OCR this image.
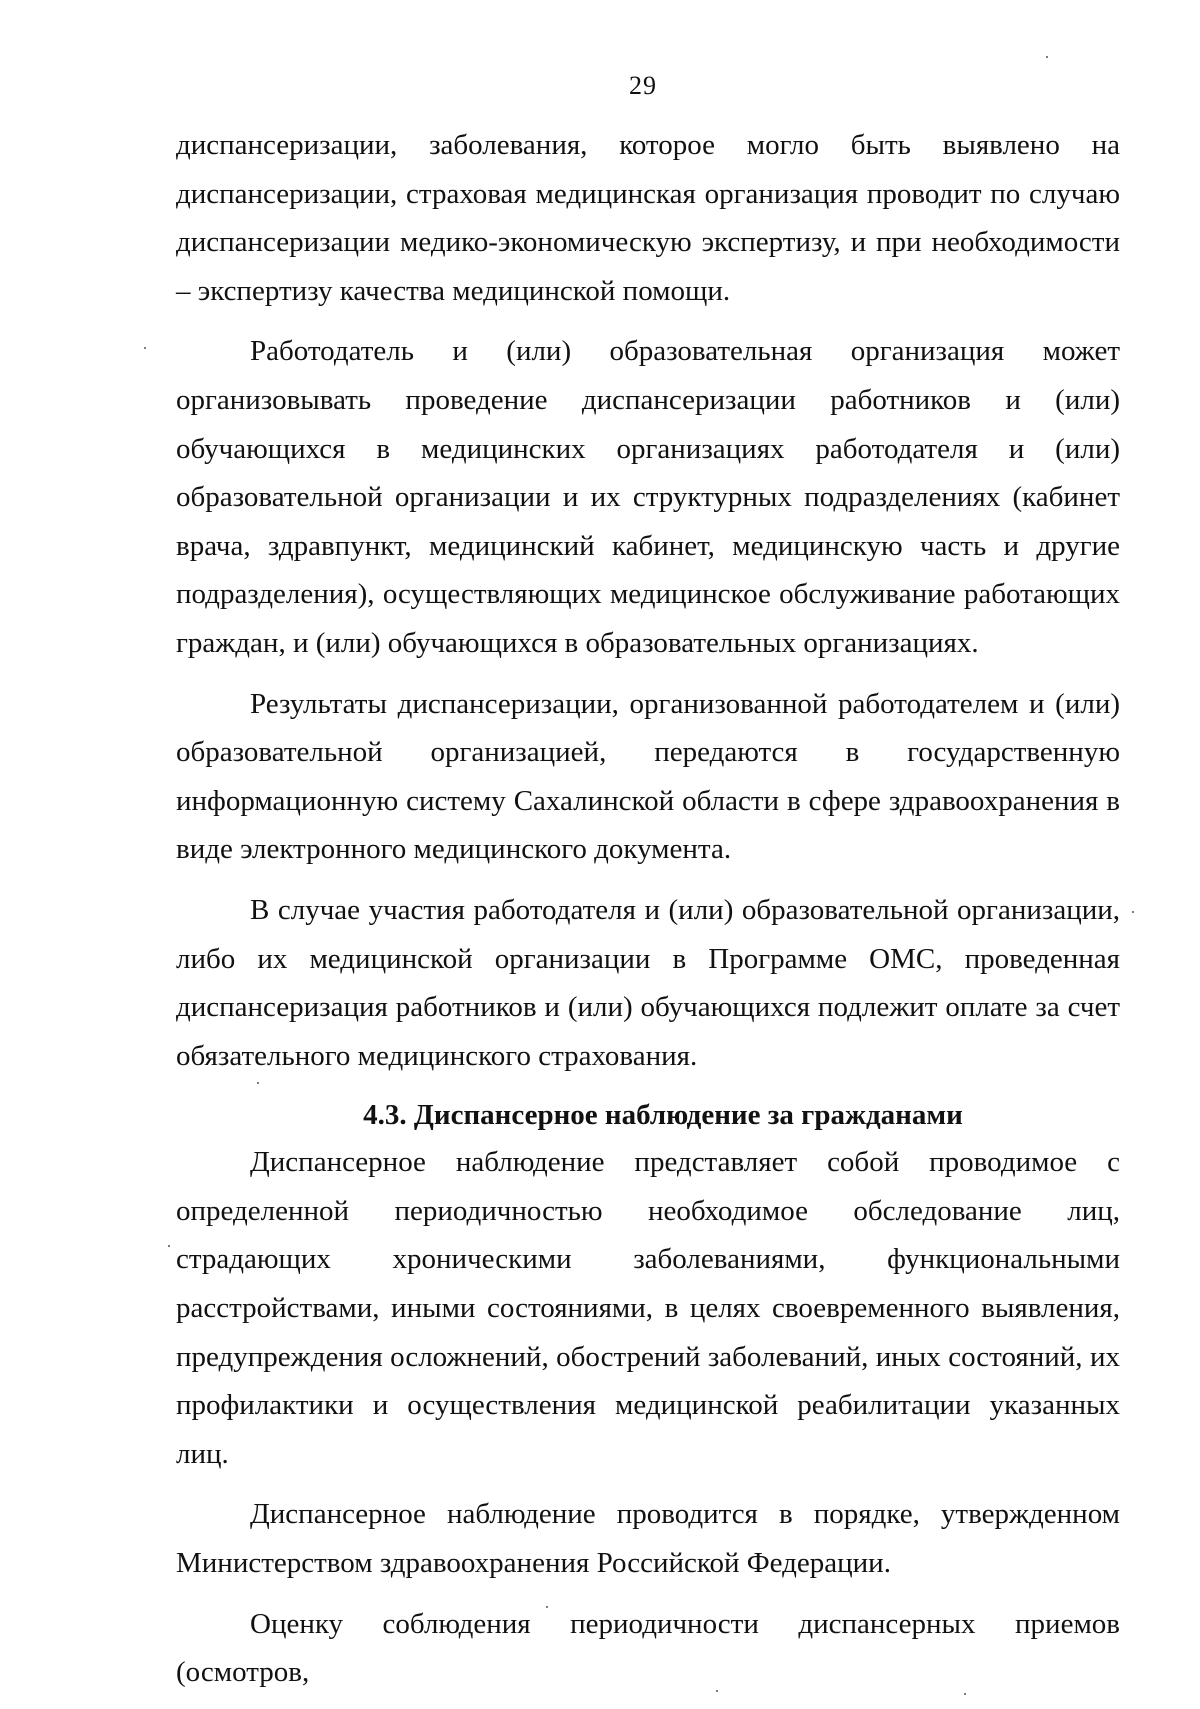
29

диспансеризации, заболевания, которое могло быть выявлено на диспансеризации, страховая медицинская организация проводит по случаю диспансеризации медико-экономическую экспертизу, и при необходимости – экспертизу качества медицинской помощи.

Работодатель и (или) образовательная организация может организовывать проведение диспансеризации работников и (или) обучающихся в медицинских организациях работодателя и (или) образовательной организации и их структурных подразделениях (кабинет врача, здравпункт, медицинский кабинет, медицинскую часть и другие подразделения), осуществляющих медицинское обслуживание работающих граждан, и (или) обучающихся в образовательных организациях.

Результаты диспансеризации, организованной работодателем и (или) образовательной организацией, передаются в государственную информационную систему Сахалинской области в сфере здравоохранения в виде электронного медицинского документа.

В случае участия работодателя и (или) образовательной организации, либо их медицинской организации в Программе ОМС, проведенная диспансеризация работников и (или) обучающихся подлежит оплате за счет обязательного медицинского страхования.

4.3. Диспансерное наблюдение за гражданами

Диспансерное наблюдение представляет собой проводимое с определенной периодичностью необходимое обследование лиц, страдающих хроническими заболеваниями, функциональными расстройствами, иными состояниями, в целях своевременного выявления, предупреждения осложнений, обострений заболеваний, иных состояний, их профилактики и осуществления медицинской реабилитации указанных лиц.

Диспансерное наблюдение проводится в порядке, утвержденном Министерством здравоохранения Российской Федерации.

Оценку соблюдения периодичности диспансерных приемов (осмотров,
